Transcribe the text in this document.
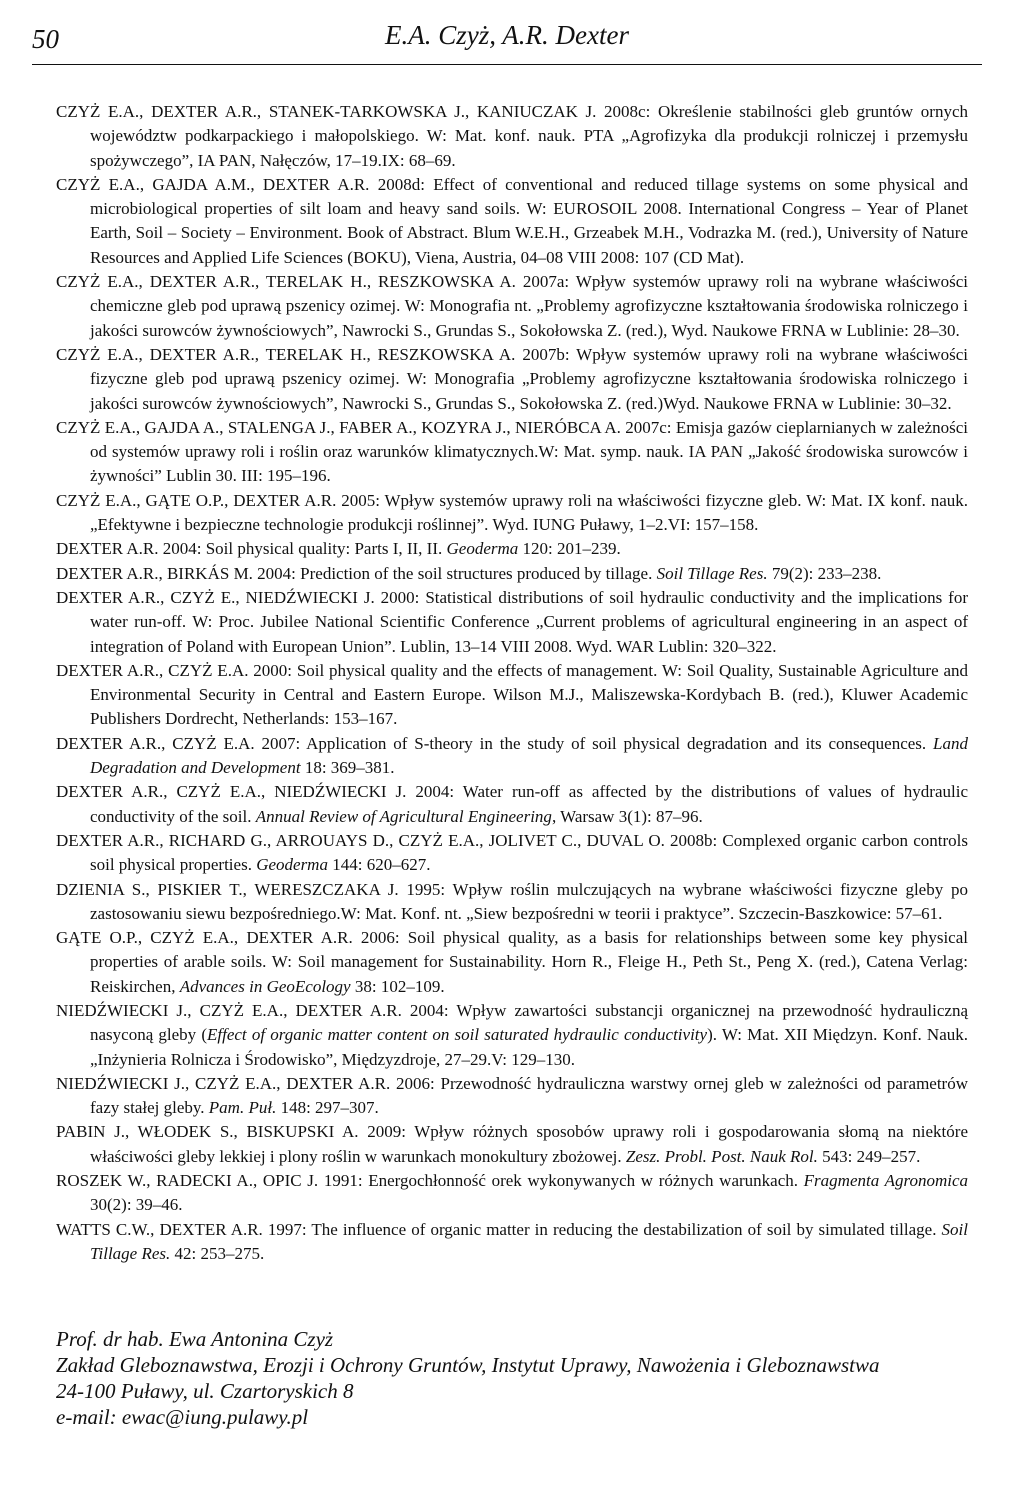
50	E.A. Czyż, A.R. Dexter

CZYŻ E.A., DEXTER A.R., STANEK-TARKOWSKA J., KANIUCZAK J. 2008c: Określenie stabilności gleb gruntów ornych województw podkarpackiego i małopolskiego. W: Mat. konf. nauk. PTA „Agrofizyka dla produkcji rolniczej i przemysłu spożywczego”, IA PAN, Nałęczów, 17–19.IX: 68–69.

CZYŻ E.A., GAJDA A.M., DEXTER A.R. 2008d: Effect of conventional and reduced tillage systems on some physical and microbiological properties of silt loam and heavy sand soils. W: EUROSOIL 2008. International Congress – Year of Planet Earth, Soil – Society – Environment. Book of Abstract. Blum W.E.H., Grzeabek M.H., Vodrazka M. (red.), University of Nature Resources and Applied Life Sciences (BOKU), Viena, Austria, 04–08 VIII 2008: 107 (CD Mat).

CZYŻ E.A., DEXTER A.R., TERELAK H., RESZKOWSKA A. 2007a: Wpływ systemów uprawy roli na wybrane właściwości chemiczne gleb pod uprawą pszenicy ozimej. W: Monografia nt. „Problemy agrofizyczne kształtowania środowiska rolniczego i jakości surowców żywnościowych”, Nawrocki S., Grundas S., Sokołowska Z. (red.), Wyd. Naukowe FRNA w Lublinie: 28–30.

CZYŻ E.A., DEXTER A.R., TERELAK H., RESZKOWSKA A. 2007b: Wpływ systemów uprawy roli na wybrane właściwości fizyczne gleb pod uprawą pszenicy ozimej. W: Monografia „Problemy agrofizyczne kształtowania środowiska rolniczego i jakości surowców żywnościowych”, Nawrocki S., Grundas S., Sokołowska Z. (red.)Wyd. Naukowe FRNA w Lublinie: 30–32.

CZYŻ E.A., GAJDA A., STALENGA J., FABER A., KOZYRA J., NIERÓBCA A. 2007c: Emisja gazów cieplarnianych w zależności od systemów uprawy roli i roślin oraz warunków klimatycznych.W: Mat. symp. nauk. IA PAN „Jakość środowiska surowców i żywności” Lublin 30. III: 195–196.

CZYŻ E.A., GĄTE O.P., DEXTER A.R. 2005: Wpływ systemów uprawy roli na właściwości fizyczne gleb. W: Mat. IX konf. nauk. „Efektywne i bezpieczne technologie produkcji roślinnej”. Wyd. IUNG Puławy, 1–2.VI: 157–158.

DEXTER A.R. 2004: Soil physical quality: Parts I, II, II. Geoderma 120: 201–239.

DEXTER A.R., BIRKÁS M. 2004: Prediction of the soil structures produced by tillage. Soil Tillage Res. 79(2): 233–238.

DEXTER A.R., CZYŻ E., NIEDŹWIECKI J. 2000: Statistical distributions of soil hydraulic conductivity and the implications for water run-off. W: Proc. Jubilee National Scientific Conference „Current problems of agricultural engineering in an aspect of integration of Poland with European Union”. Lublin, 13–14 VIII 2008. Wyd. WAR Lublin: 320–322.

DEXTER A.R., CZYŻ E.A. 2000: Soil physical quality and the effects of management. W: Soil Quality, Sustainable Agriculture and Environmental Security in Central and Eastern Europe. Wilson M.J., Maliszewska-Kordybach B. (red.), Kluwer Academic Publishers Dordrecht, Netherlands: 153–167.

DEXTER A.R., CZYŻ E.A. 2007: Application of S-theory in the study of soil physical degradation and its consequences. Land Degradation and Development 18: 369–381.

DEXTER A.R., CZYŻ E.A., NIEDŹWIECKI J. 2004: Water run-off as affected by the distributions of values of hydraulic conductivity of the soil. Annual Review of Agricultural Engineering, Warsaw 3(1): 87–96.

DEXTER A.R., RICHARD G., ARROUAYS D., CZYŻ E.A., JOLIVET C., DUVAL O. 2008b: Complexed organic carbon controls soil physical properties. Geoderma 144: 620–627.

DZIENIA S., PISKIER T., WERESZCZAKA J. 1995: Wpływ roślin mulczujących na wybrane właściwości fizyczne gleby po zastosowaniu siewu bezpośredniego.W: Mat. Konf. nt. „Siew bezpośredni w teorii i praktyce”. Szczecin-Baszkowice: 57–61.

GĄTE O.P., CZYŻ E.A., DEXTER A.R. 2006: Soil physical quality, as a basis for relationships between some key physical properties of arable soils. W: Soil management for Sustainability. Horn R., Fleige H., Peth St., Peng X. (red.), Catena Verlag: Reiskirchen, Advances in GeoEcology 38: 102–109.

NIEDŹWIECKI J., CZYŻ E.A., DEXTER A.R. 2004: Wpływ zawartości substancji organicznej na przewodność hydrauliczną nasyconą gleby (Effect of organic matter content on soil saturated hydraulic conductivity). W: Mat. XII Międzyn. Konf. Nauk. „Inżynieria Rolnicza i Środowisko”, Międzyzdroje, 27–29.V: 129–130.

NIEDŹWIECKI J., CZYŻ E.A., DEXTER A.R. 2006: Przewodność hydrauliczna warstwy ornej gleb w zależności od parametrów fazy stałej gleby. Pam. Puł. 148: 297–307.

PABIN J., WŁODEK S., BISKUPSKI A. 2009: Wpływ różnych sposobów uprawy roli i gospodarowania słomą na niektóre właściwości gleby lekkiej i plony roślin w warunkach monokultury zbożowej. Zesz. Probl. Post. Nauk Rol. 543: 249–257.

ROSZEK W., RADECKI A., OPIC J. 1991: Energochłonność orek wykonywanych w różnych warunkach. Fragmenta Agronomica 30(2): 39–46.

WATTS C.W., DEXTER A.R. 1997: The influence of organic matter in reducing the destabilization of soil by simulated tillage. Soil Tillage Res. 42: 253–275.

Prof. dr hab. Ewa Antonina Czyż
Zakład Gleboznawstwa, Erozji i Ochrony Gruntów, Instytut Uprawy, Nawożenia i Gleboznawstwa
24-100 Puławy, ul. Czartoryskich 8
e-mail: ewac@iung.pulawy.pl
